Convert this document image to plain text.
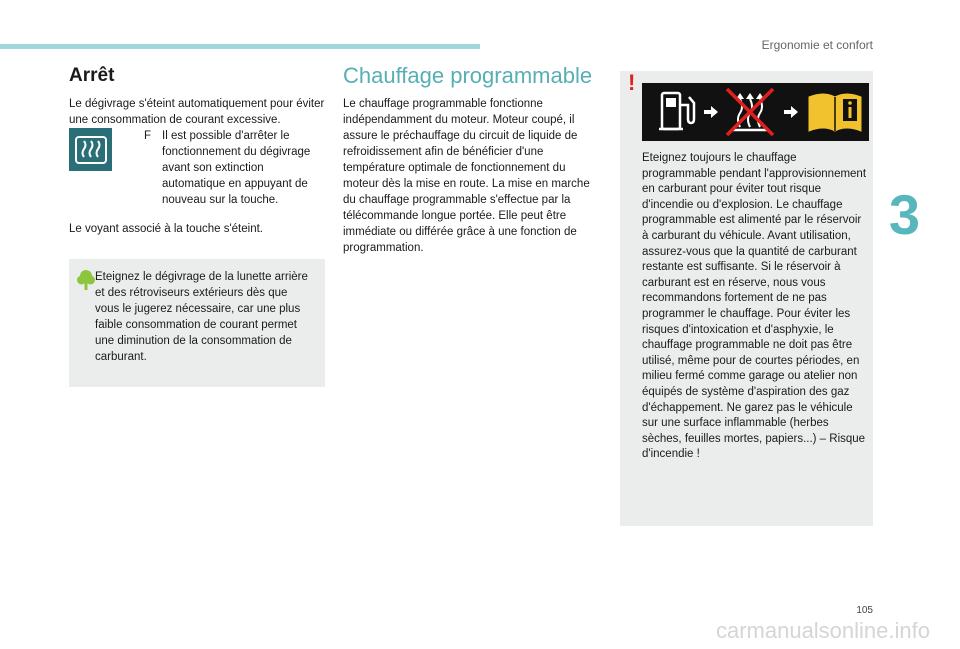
Ergonomie et confort
3
Arrêt

Le dégivrage s'éteint automatiquement pour éviter une consommation de courant excessive.

F Il est possible d'arrêter le fonctionnement du dégivrage avant son extinction automatique en appuyant de nouveau sur la touche.

Le voyant associé à la touche s'éteint.

Eteignez le dégivrage de la lunette arrière et des rétroviseurs extérieurs dès que vous le jugerez nécessaire, car une plus faible consommation de courant permet une diminution de la consommation de carburant.

Chauffage programmable

Le chauffage programmable fonctionne indépendamment du moteur. Moteur coupé, il assure le préchauffage du circuit de liquide de refroidissement afin de bénéficier d'une température optimale de fonctionnement du moteur dès la mise en route. La mise en marche du chauffage programmable s'effectue par la télécommande longue portée. Elle peut être immédiate ou différée grâce à une fonction de programmation.

!

Eteignez toujours le chauffage programmable pendant l'approvisionnement en carburant pour éviter tout risque d'incendie ou d'explosion. Le chauffage programmable est alimenté par le réservoir à carburant du véhicule. Avant utilisation, assurez-vous que la quantité de carburant restante est suffisante. Si le réservoir à carburant est en réserve, nous vous recommandons fortement de ne pas programmer le chauffage. Pour éviter les risques d'intoxication et d'asphyxie, le chauffage programmable ne doit pas être utilisé, même pour de courtes périodes, en milieu fermé comme garage ou atelier non équipés de système d'aspiration des gaz d'échappement. Ne garez pas le véhicule sur une surface inflammable (herbes sèches, feuilles mortes, papiers...) – Risque d'incendie !

105
carmanualsonline.info
